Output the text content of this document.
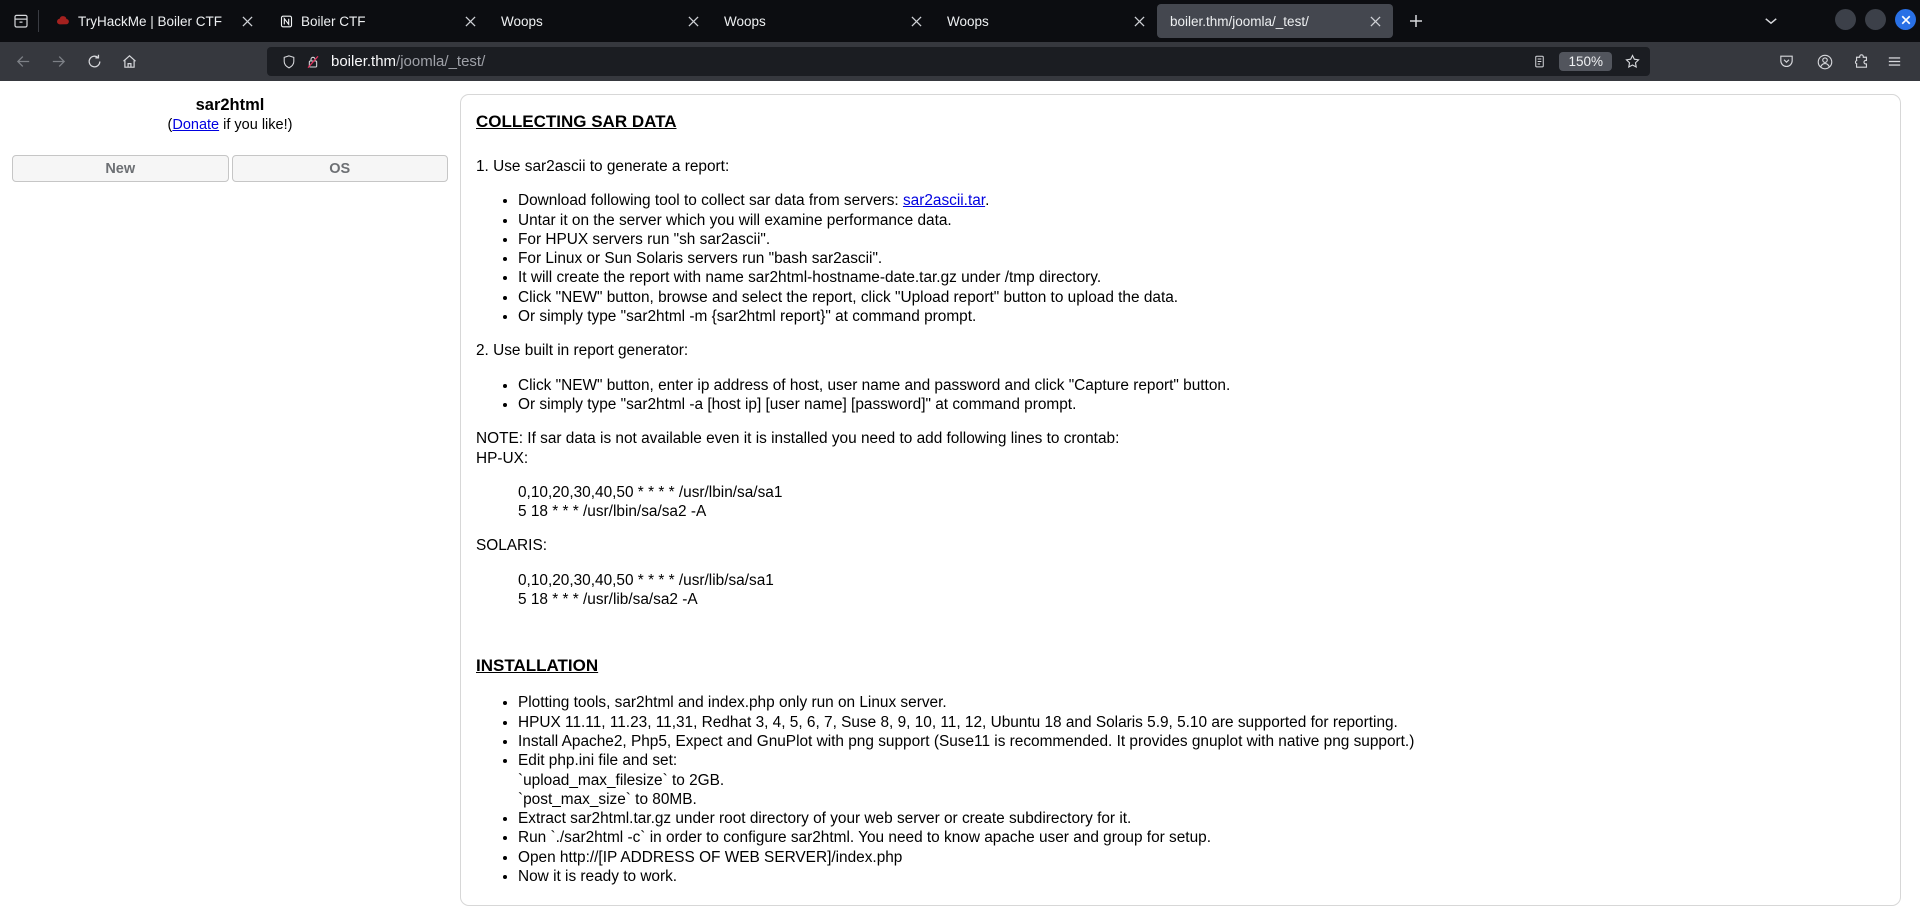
TryHackMe | Boiler CTF	Boiler CTF	Woops	Woops	Woops	boiler.thm/joomla/_test/
boiler.thm/joomla/_test/	150%
sar2html
(Donate if you like!)
New	OS
COLLECTING SAR DATA

1. Use sar2ascii to generate a report:

• Download following tool to collect sar data from servers: sar2ascii.tar.
• Untar it on the server which you will examine performance data.
• For HPUX servers run "sh sar2ascii".
• For Linux or Sun Solaris servers run "bash sar2ascii".
• It will create the report with name sar2html-hostname-date.tar.gz under /tmp directory.
• Click "NEW" button, browse and select the report, click "Upload report" button to upload the data.
• Or simply type "sar2html -m {sar2html report}" at command prompt.

2. Use built in report generator:

• Click "NEW" button, enter ip address of host, user name and password and click "Capture report" button.
• Or simply type "sar2html -a [host ip] [user name] [password]" at command prompt.

NOTE: If sar data is not available even it is installed you need to add following lines to crontab:
HP-UX:

0,10,20,30,40,50 * * * * /usr/lbin/sa/sa1
5 18 * * * /usr/lbin/sa/sa2 -A

SOLARIS:

0,10,20,30,40,50 * * * * /usr/lib/sa/sa1
5 18 * * * /usr/lib/sa/sa2 -A
INSTALLATION
• Plotting tools, sar2html and index.php only run on Linux server.
• HPUX 11.11, 11.23, 11,31, Redhat 3, 4, 5, 6, 7, Suse 8, 9, 10, 11, 12, Ubuntu 18 and Solaris 5.9, 5.10 are supported for reporting.
• Install Apache2, Php5, Expect and GnuPlot with png support (Suse11 is recommended. It provides gnuplot with native png support.)
• Edit php.ini file and set:
`upload_max_filesize` to 2GB.
`post_max_size` to 80MB.
• Extract sar2html.tar.gz under root directory of your web server or create subdirectory for it.
• Run `./sar2html -c` in order to configure sar2html. You need to know apache user and group for setup.
• Open http://[IP ADDRESS OF WEB SERVER]/index.php
• Now it is ready to work.
